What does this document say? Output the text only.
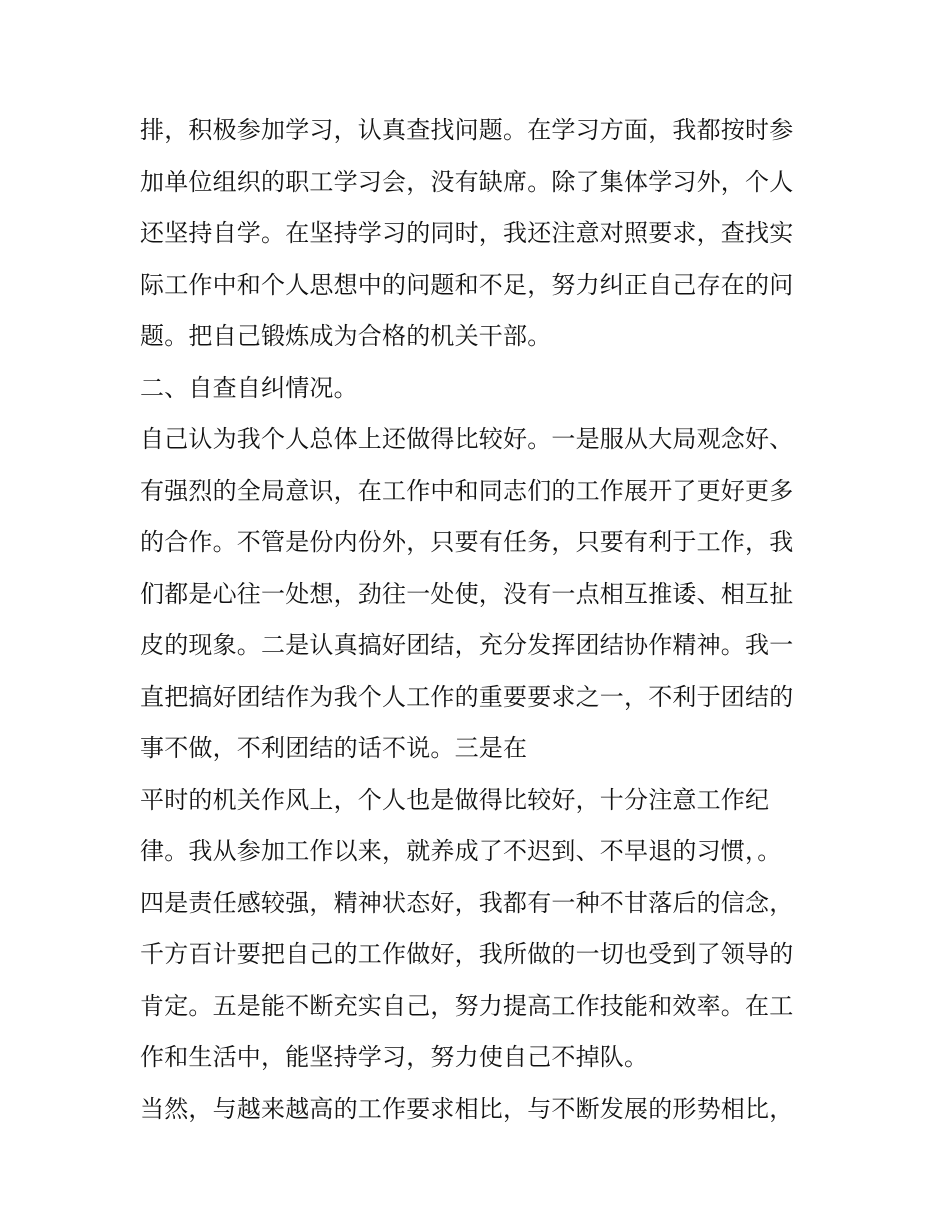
排，积极参加学习，认真查找问题。在学习方面，我都按时参
加单位组织的职工学习会，没有缺席。除了集体学习外，个人
还坚持自学。在坚持学习的同时，我还注意对照要求，查找实
际工作中和个人思想中的问题和不足，努力纠正自己存在的问
题。把自己锻炼成为合格的机关干部。
二、自查自纠情况。
自己认为我个人总体上还做得比较好。一是服从大局观念好、
有强烈的全局意识，在工作中和同志们的工作展开了更好更多
的合作。不管是份内份外，只要有任务，只要有利于工作，我
们都是心往一处想，劲往一处使，没有一点相互推诿、相互扯
皮的现象。二是认真搞好团结，充分发挥团结协作精神。我一
直把搞好团结作为我个人工作的重要要求之一，不利于团结的
事不做，不利团结的话不说。三是在
平时的机关作风上，个人也是做得比较好，十分注意工作纪
律。我从参加工作以来，就养成了不迟到、不早退的习惯，。
四是责任感较强，精神状态好，我都有一种不甘落后的信念，
千方百计要把自己的工作做好，我所做的一切也受到了领导的
肯定。五是能不断充实自己，努力提高工作技能和效率。在工
作和生活中，能坚持学习，努力使自己不掉队。
当然，与越来越高的工作要求相比，与不断发展的形势相比，
